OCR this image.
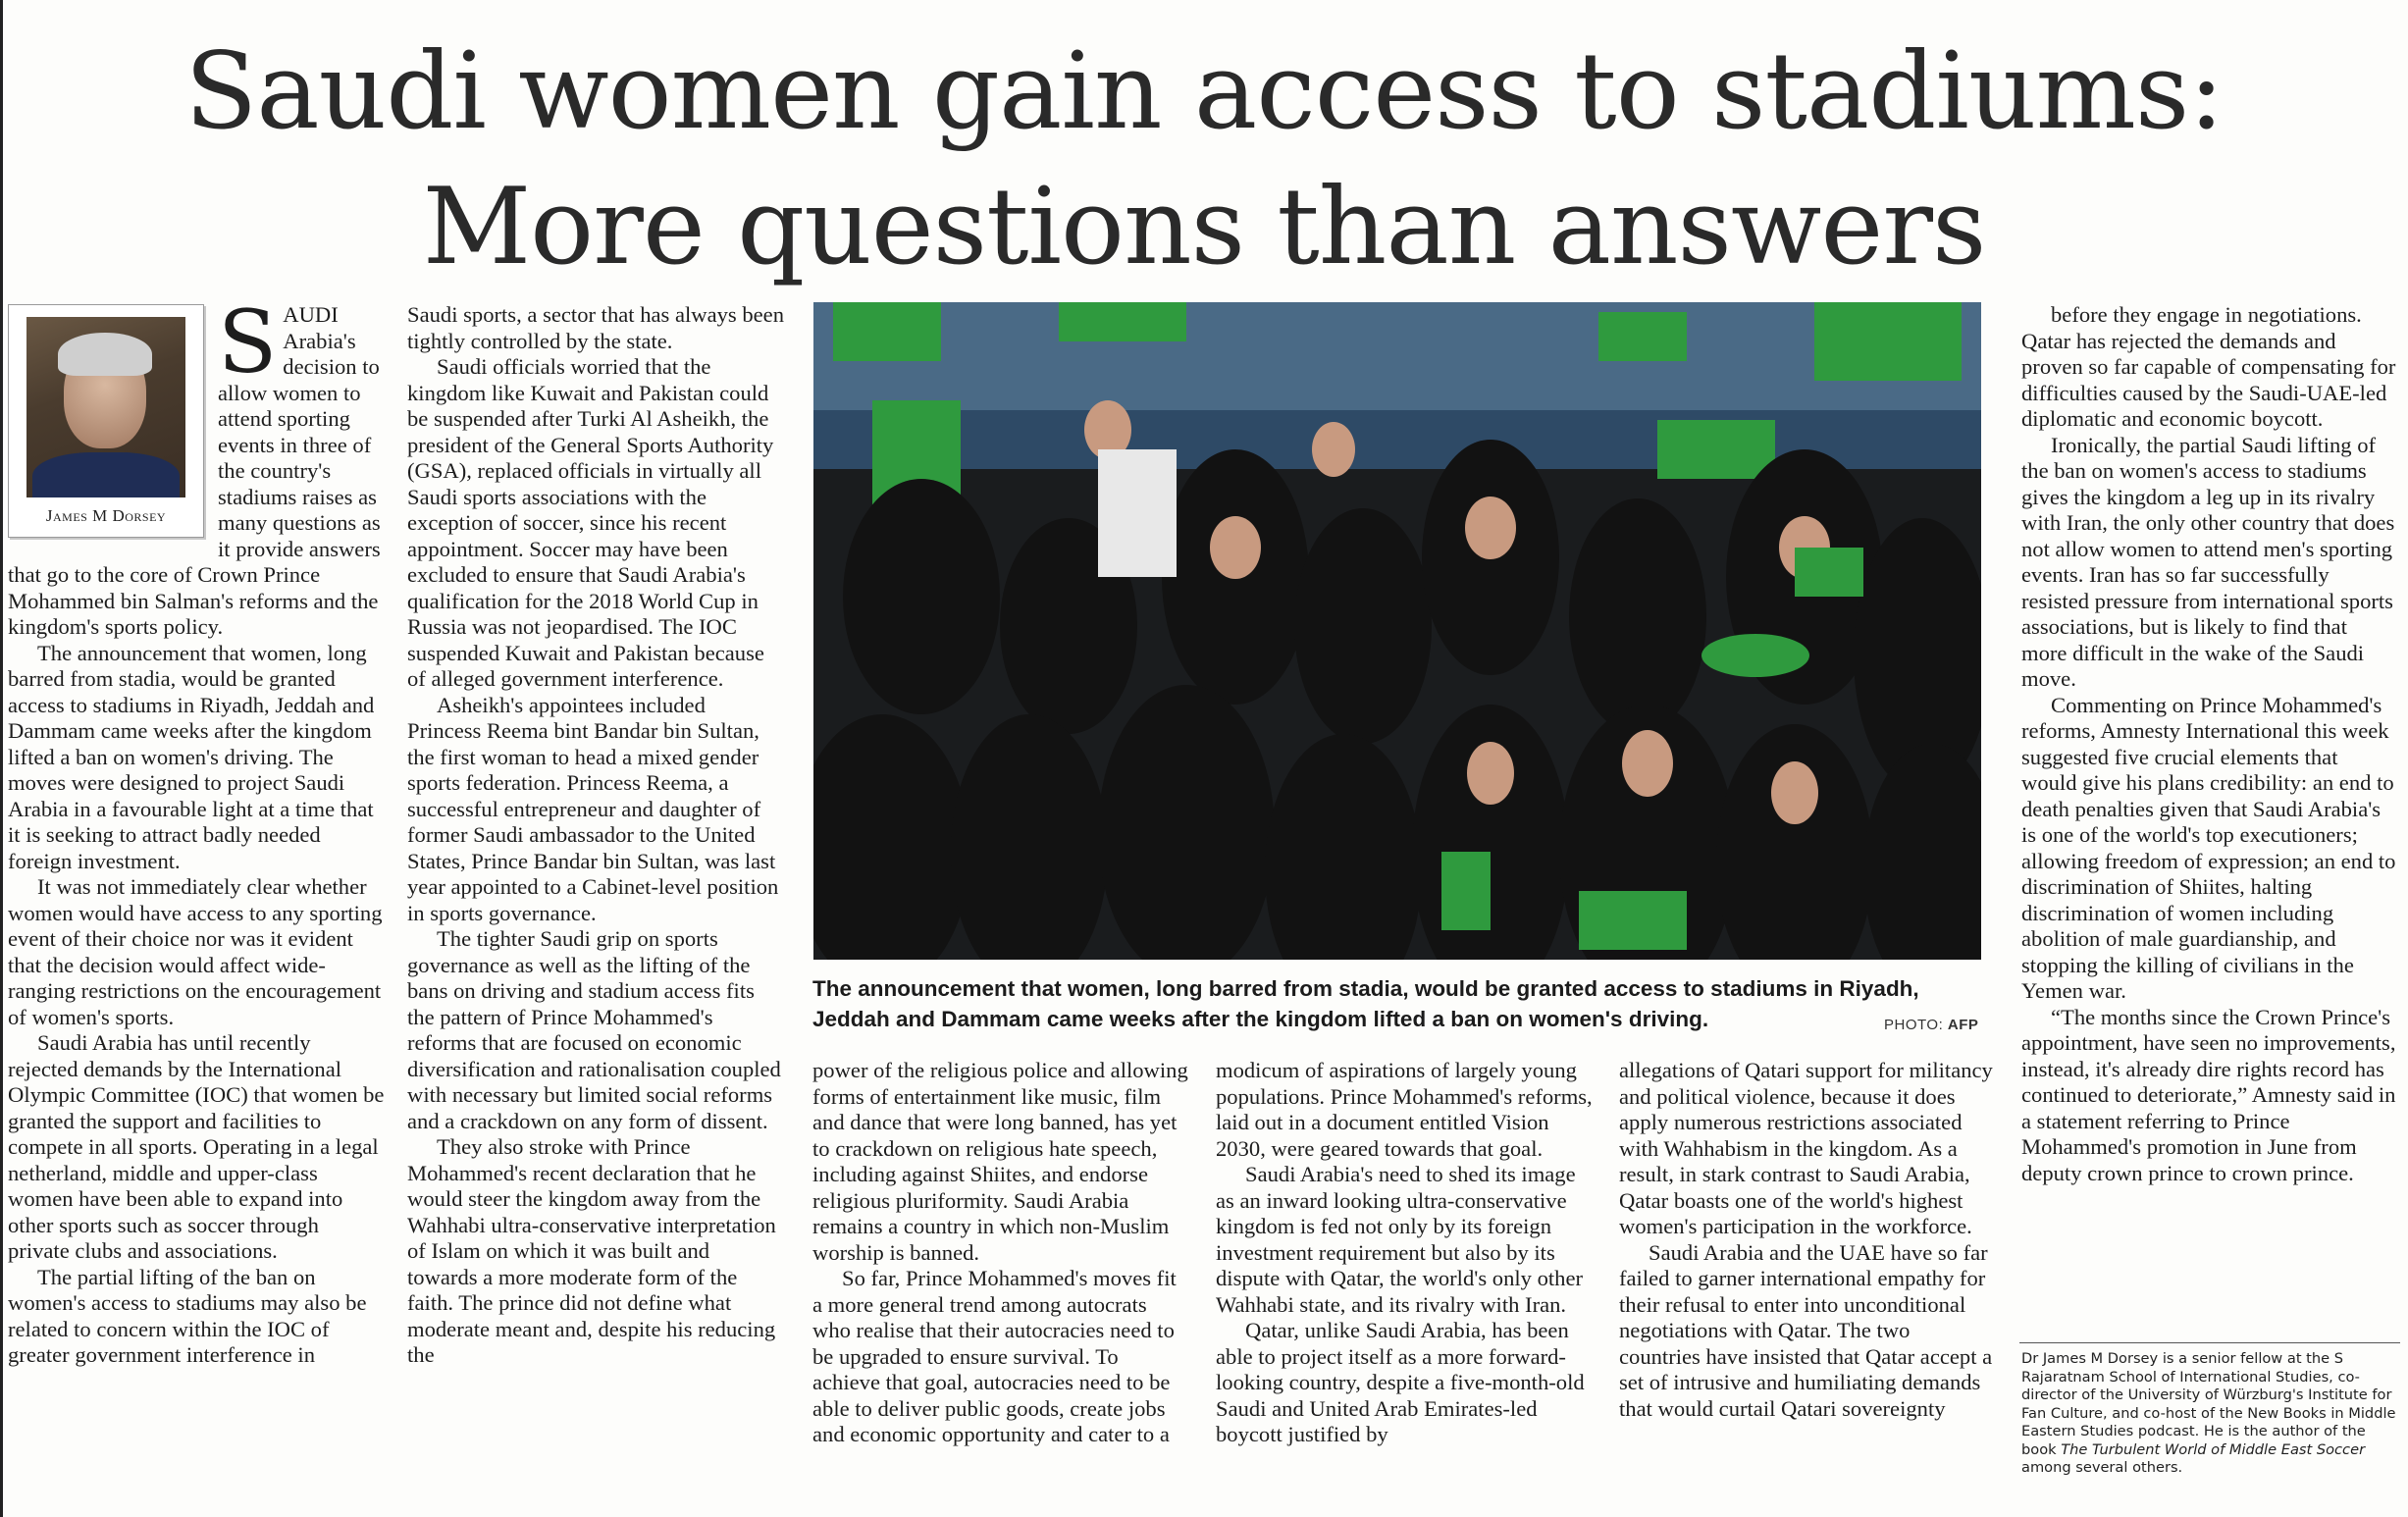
Saudi women gain access to stadiums:
More questions than answers
James M Dorsey

SAUDI Arabia's decision to allow women to attend sporting events in three of the country's stadiums raises as many questions as it provide answers that go to the core of Crown Prince Mohammed bin Salman's reforms and the kingdom's sports policy.

The announcement that women, long barred from stadia, would be granted access to stadiums in Riyadh, Jeddah and Dammam came weeks after the kingdom lifted a ban on women's driving. The moves were designed to project Saudi Arabia in a favourable light at a time that it is seeking to attract badly needed foreign investment.

It was not immediately clear whether women would have access to any sporting event of their choice nor was it evident that the decision would affect wide-ranging restrictions on the encouragement of women's sports.

Saudi Arabia has until recently rejected demands by the International Olympic Committee (IOC) that women be granted the support and facilities to compete in all sports. Operating in a legal netherland, middle and upper-class women have been able to expand into other sports such as soccer through private clubs and associations.

The partial lifting of the ban on women's access to stadiums may also be related to concern within the IOC of greater government interference in

Saudi sports, a sector that has always been tightly controlled by the state.

Saudi officials worried that the kingdom like Kuwait and Pakistan could be suspended after Turki Al Asheikh, the president of the General Sports Authority (GSA), replaced officials in virtually all Saudi sports associations with the exception of soccer, since his recent appointment. Soccer may have been excluded to ensure that Saudi Arabia's qualification for the 2018 World Cup in Russia was not jeopardised. The IOC suspended Kuwait and Pakistan because of alleged government interference.

Asheikh's appointees included Princess Reema bint Bandar bin Sultan, the first woman to head a mixed gender sports federation. Princess Reema, a successful entrepreneur and daughter of former Saudi ambassador to the United States, Prince Bandar bin Sultan, was last year appointed to a Cabinet-level position in sports governance.

The tighter Saudi grip on sports governance as well as the lifting of the bans on driving and stadium access fits the pattern of Prince Mohammed's reforms that are focused on economic diversification and rationalisation coupled with necessary but limited social reforms and a crackdown on any form of dissent.

They also stroke with Prince Mohammed's recent declaration that he would steer the kingdom away from the Wahhabi ultra-conservative interpretation of Islam on which it was built and towards a more moderate form of the faith. The prince did not define what moderate meant and, despite his reducing the

The announcement that women, long barred from stadia, would be granted access to stadiums in Riyadh, Jeddah and Dammam came weeks after the kingdom lifted a ban on women's driving.	PHOTO: AFP

power of the religious police and allowing forms of entertainment like music, film and dance that were long banned, has yet to crackdown on religious hate speech, including against Shiites, and endorse religious pluriformity. Saudi Arabia remains a country in which non-Muslim worship is banned.

So far, Prince Mohammed's moves fit a more general trend among autocrats who realise that their autocracies need to be upgraded to ensure survival. To achieve that goal, autocracies need to be able to deliver public goods, create jobs and economic opportunity and cater to a

modicum of aspirations of largely young populations. Prince Mohammed's reforms, laid out in a document entitled Vision 2030, were geared towards that goal.

Saudi Arabia's need to shed its image as an inward looking ultra-conservative kingdom is fed not only by its foreign investment requirement but also by its dispute with Qatar, the world's only other Wahhabi state, and its rivalry with Iran.

Qatar, unlike Saudi Arabia, has been able to project itself as a more forward-looking country, despite a five-month-old Saudi and United Arab Emirates-led boycott justified by

allegations of Qatari support for militancy and political violence, because it does apply numerous restrictions associated with Wahhabism in the kingdom. As a result, in stark contrast to Saudi Arabia, Qatar boasts one of the world's highest women's participation in the workforce.

Saudi Arabia and the UAE have so far failed to garner international empathy for their refusal to enter into unconditional negotiations with Qatar. The two countries have insisted that Qatar accept a set of intrusive and humiliating demands that would curtail Qatari sovereignty

before they engage in negotiations. Qatar has rejected the demands and proven so far capable of compensating for difficulties caused by the Saudi-UAE-led diplomatic and economic boycott.

Ironically, the partial Saudi lifting of the ban on women's access to stadiums gives the kingdom a leg up in its rivalry with Iran, the only other country that does not allow women to attend men's sporting events. Iran has so far successfully resisted pressure from international sports associations, but is likely to find that more difficult in the wake of the Saudi move.

Commenting on Prince Mohammed's reforms, Amnesty International this week suggested five crucial elements that would give his plans credibility: an end to death penalties given that Saudi Arabia's is one of the world's top executioners; allowing freedom of expression; an end to discrimination of Shiites, halting discrimination of women including abolition of male guardianship, and stopping the killing of civilians in the Yemen war.

“The months since the Crown Prince's appointment, have seen no improvements, instead, it's already dire rights record has continued to deteriorate,” Amnesty said in a statement referring to Prince Mohammed's promotion in June from deputy crown prince to crown prince.

Dr James M Dorsey is a senior fellow at the S Rajaratnam School of International Studies, co-director of the University of Würzburg's Institute for Fan Culture, and co-host of the New Books in Middle Eastern Studies podcast. He is the author of the book The Turbulent World of Middle East Soccer among several others.
